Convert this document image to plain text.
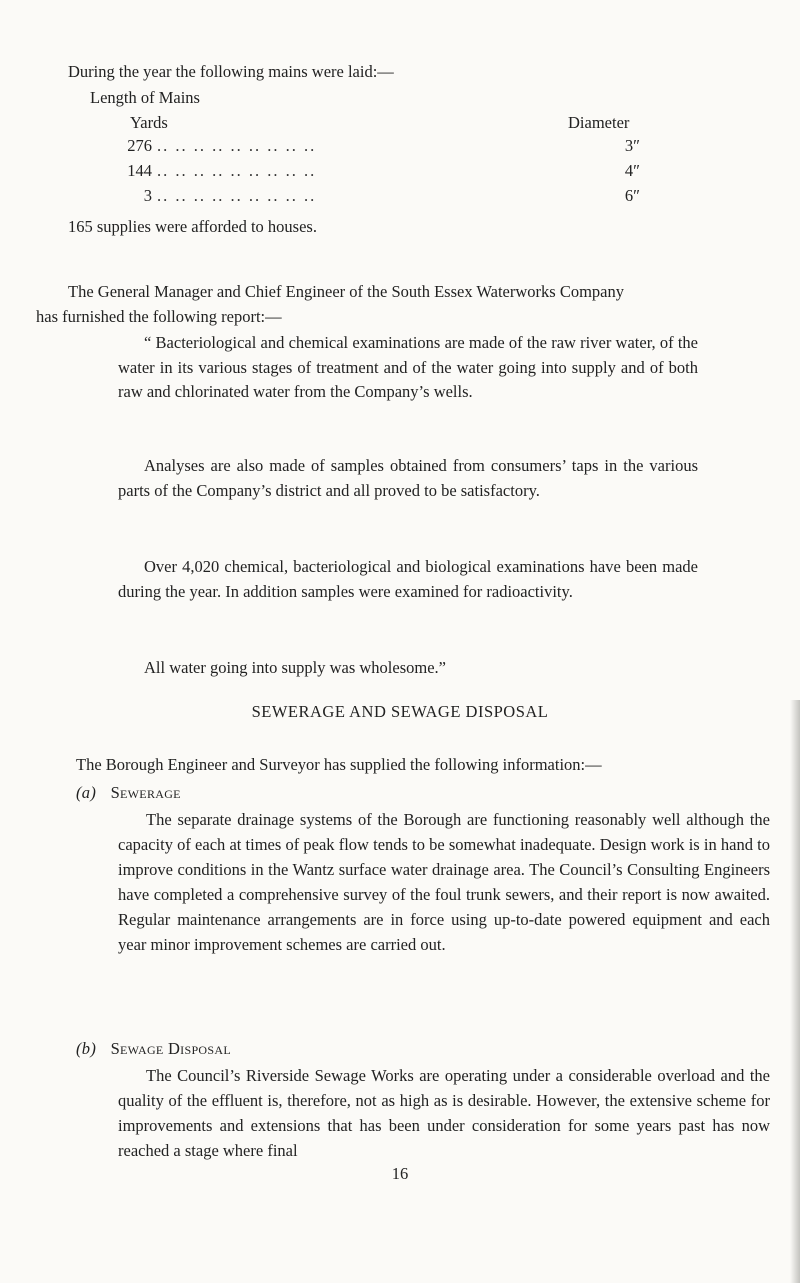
During the year the following mains were laid:—

Length of Mains

Yards	Diameter

276 .. .. .. .. .. .. .. .. ..	3″
144 .. .. .. .. .. .. .. .. ..	4″
3 .. .. .. .. .. .. .. .. ..	6″

165 supplies were afforded to houses.

The General Manager and Chief Engineer of the South Essex Waterworks Company
has furnished the following report:—

“ Bacteriological and chemical examinations are made of the raw river water, of the water in its various stages of treatment and of the water going into supply and of both raw and chlorinated water from the Company’s wells.

Analyses are also made of samples obtained from consumers’ taps in the various parts of the Company’s district and all proved to be satisfactory.

Over 4,020 chemical, bacteriological and biological examinations have been made during the year. In addition samples were examined for radioactivity.

All water going into supply was wholesome.”

SEWERAGE AND SEWAGE DISPOSAL

The Borough Engineer and Surveyor has supplied the following information:—

(a) Sewerage

The separate drainage systems of the Borough are functioning reasonably well although the capacity of each at times of peak flow tends to be somewhat inadequate. Design work is in hand to improve conditions in the Wantz surface water drainage area. The Council’s Consulting Engineers have completed a comprehensive survey of the foul trunk sewers, and their report is now awaited. Regular maintenance arrangements are in force using up-to-date powered equipment and each year minor improvement schemes are carried out.

(b) Sewage Disposal

The Council’s Riverside Sewage Works are operating under a considerable overload and the quality of the effluent is, therefore, not as high as is desirable. However, the extensive scheme for improvements and extensions that has been under consideration for some years past has now reached a stage where final

16
